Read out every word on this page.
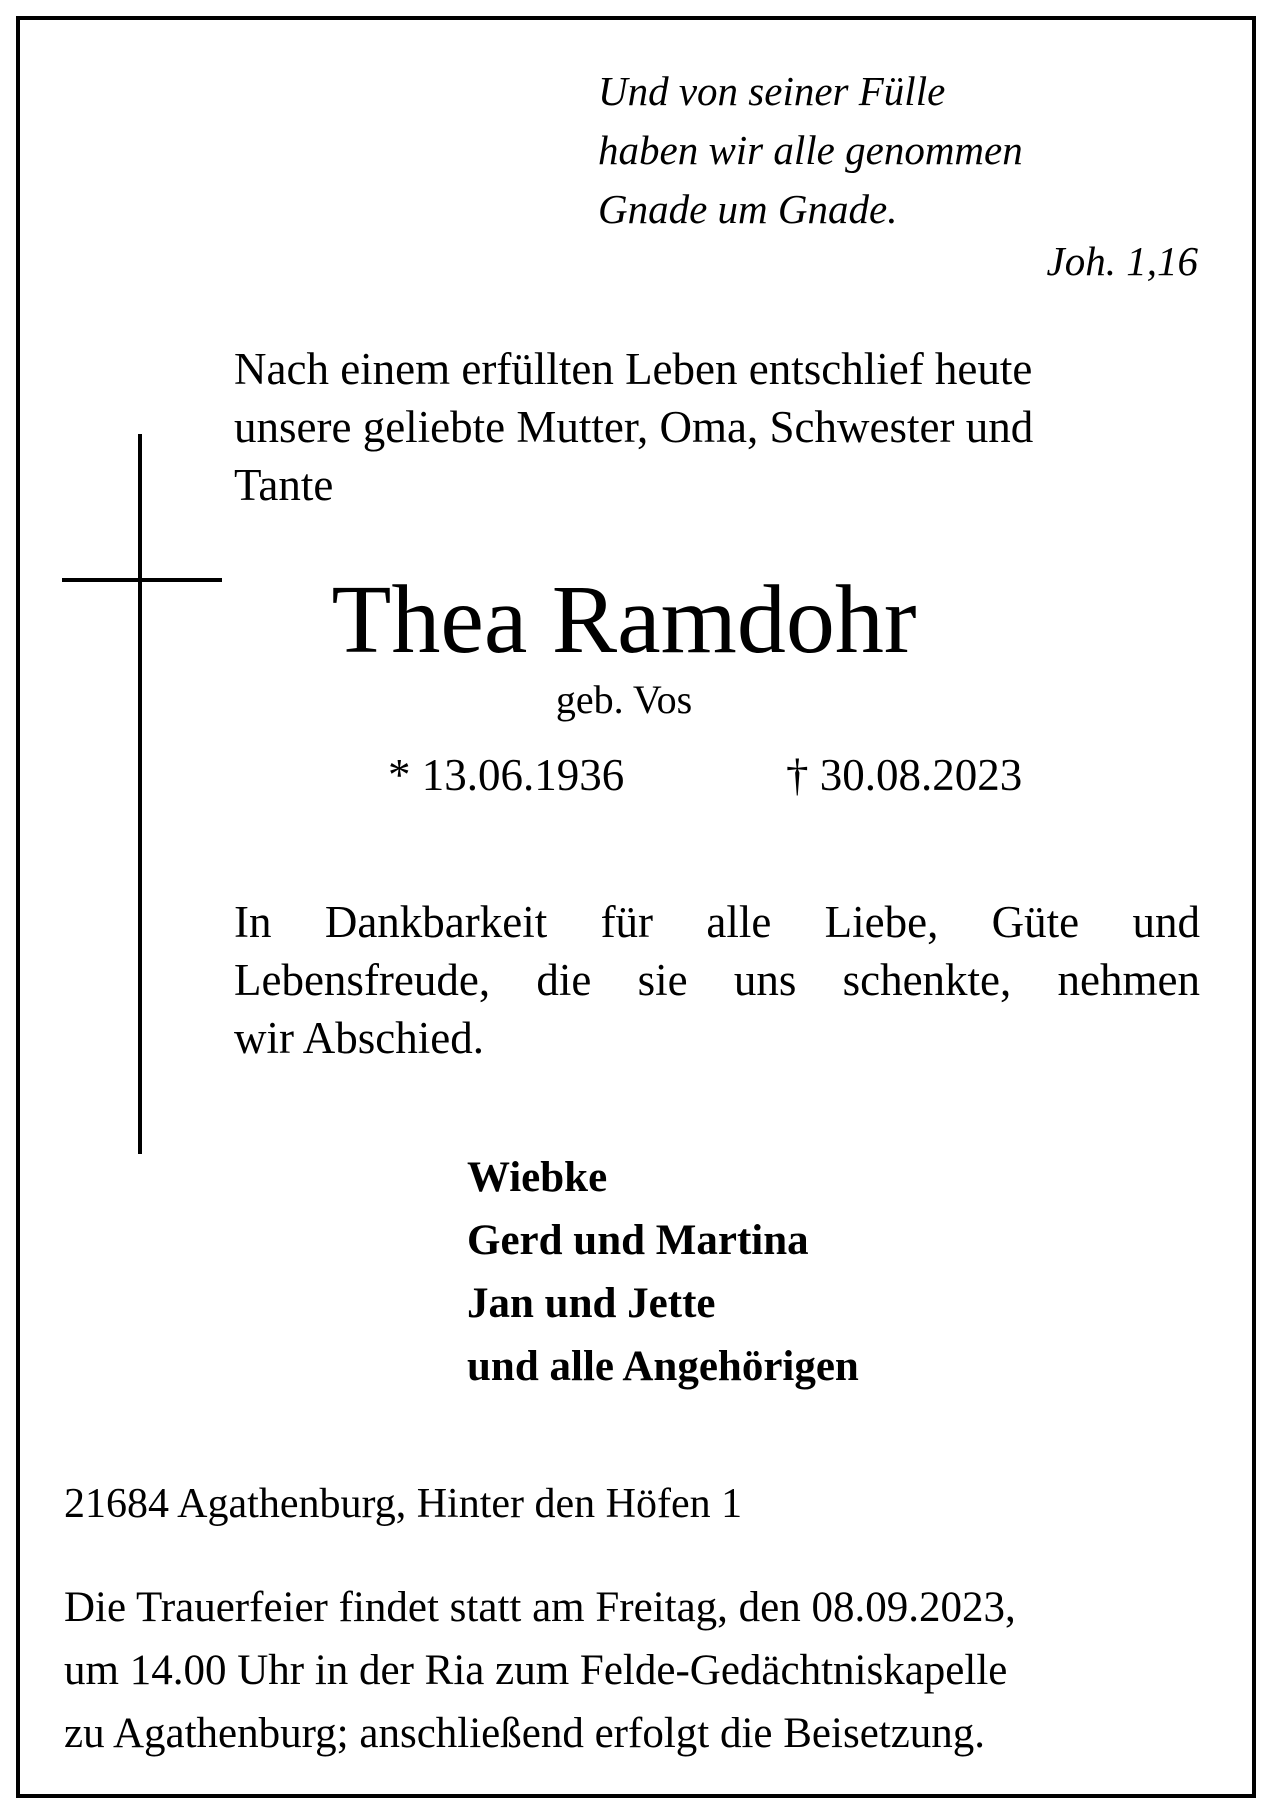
Und von seiner Fülle
haben wir alle genommen
Gnade um Gnade.
Joh. 1,16
Nach einem erfüllten Leben entschlief heute
unsere geliebte Mutter, Oma, Schwester und
Tante
Thea Ramdohr
geb. Vos
* 13.06.1936	† 30.08.2023
In Dankbarkeit für alle Liebe, Güte und
Lebensfreude, die sie uns schenkte, nehmen
wir Abschied.
Wiebke
Gerd und Martina
Jan und Jette
und alle Angehörigen
21684 Agathenburg, Hinter den Höfen 1
Die Trauerfeier findet statt am Freitag, den 08.09.2023,
um 14.00 Uhr in der Ria zum Felde-Gedächtniskapelle
zu Agathenburg; anschließend erfolgt die Beisetzung.
